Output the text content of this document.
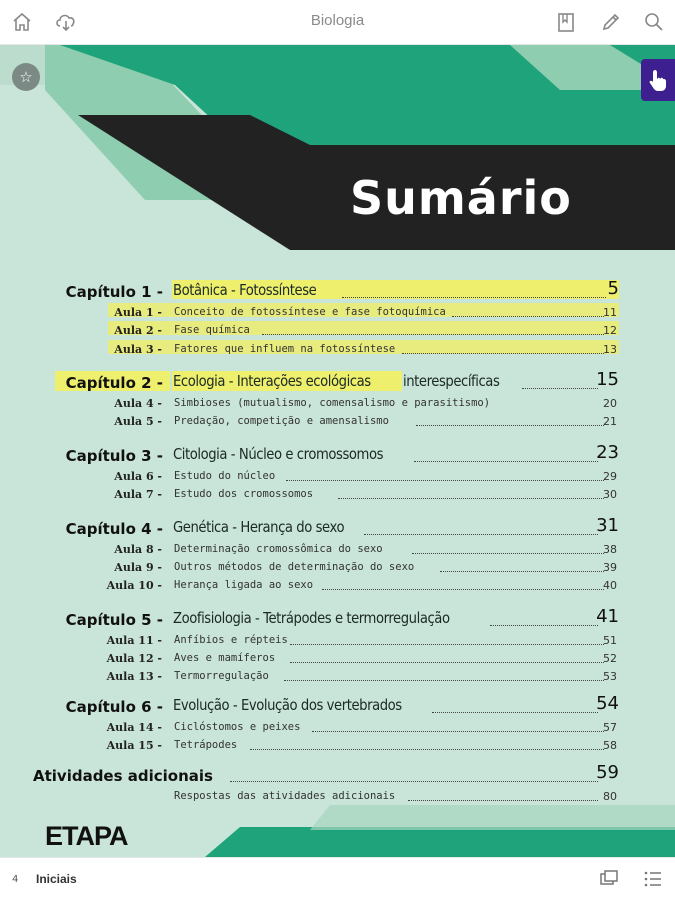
Biologia
☆
Sumário
Capítulo 1 - Botânica - Fotossíntese	5
Aula 1 - Conceito de fotossíntese e fase fotoquímica	11
Aula 2 - Fase química	12
Aula 3 - Fatores que influem na fotossíntese	13
Capítulo 2 - Ecologia - Interações ecológicas interespecíficas	15
Aula 4 - Simbioses (mutualismo, comensalismo e parasitismo)	20
Aula 5 - Predação, competição e amensalismo	21
Capítulo 3 - Citologia - Núcleo e cromossomos	23
Aula 6 - Estudo do núcleo	29
Aula 7 - Estudo dos cromossomos	30
Capítulo 4 - Genética - Herança do sexo	31
Aula 8 - Determinação cromossômica do sexo	38
Aula 9 - Outros métodos de determinação do sexo	39
Aula 10 - Herança ligada ao sexo	40
Capítulo 5 - Zoofisiologia - Tetrápodes e termorregulação	41
Aula 11 - Anfíbios e répteis	51
Aula 12 - Aves e mamíferos	52
Aula 13 - Termorregulação	53
Capítulo 6 - Evolução - Evolução dos vertebrados	54
Aula 14 - Ciclóstomos e peixes	57
Aula 15 - Tetrápodes	58
Atividades adicionais	59
Respostas das atividades adicionais	80
ETAPA
4 Iniciais
